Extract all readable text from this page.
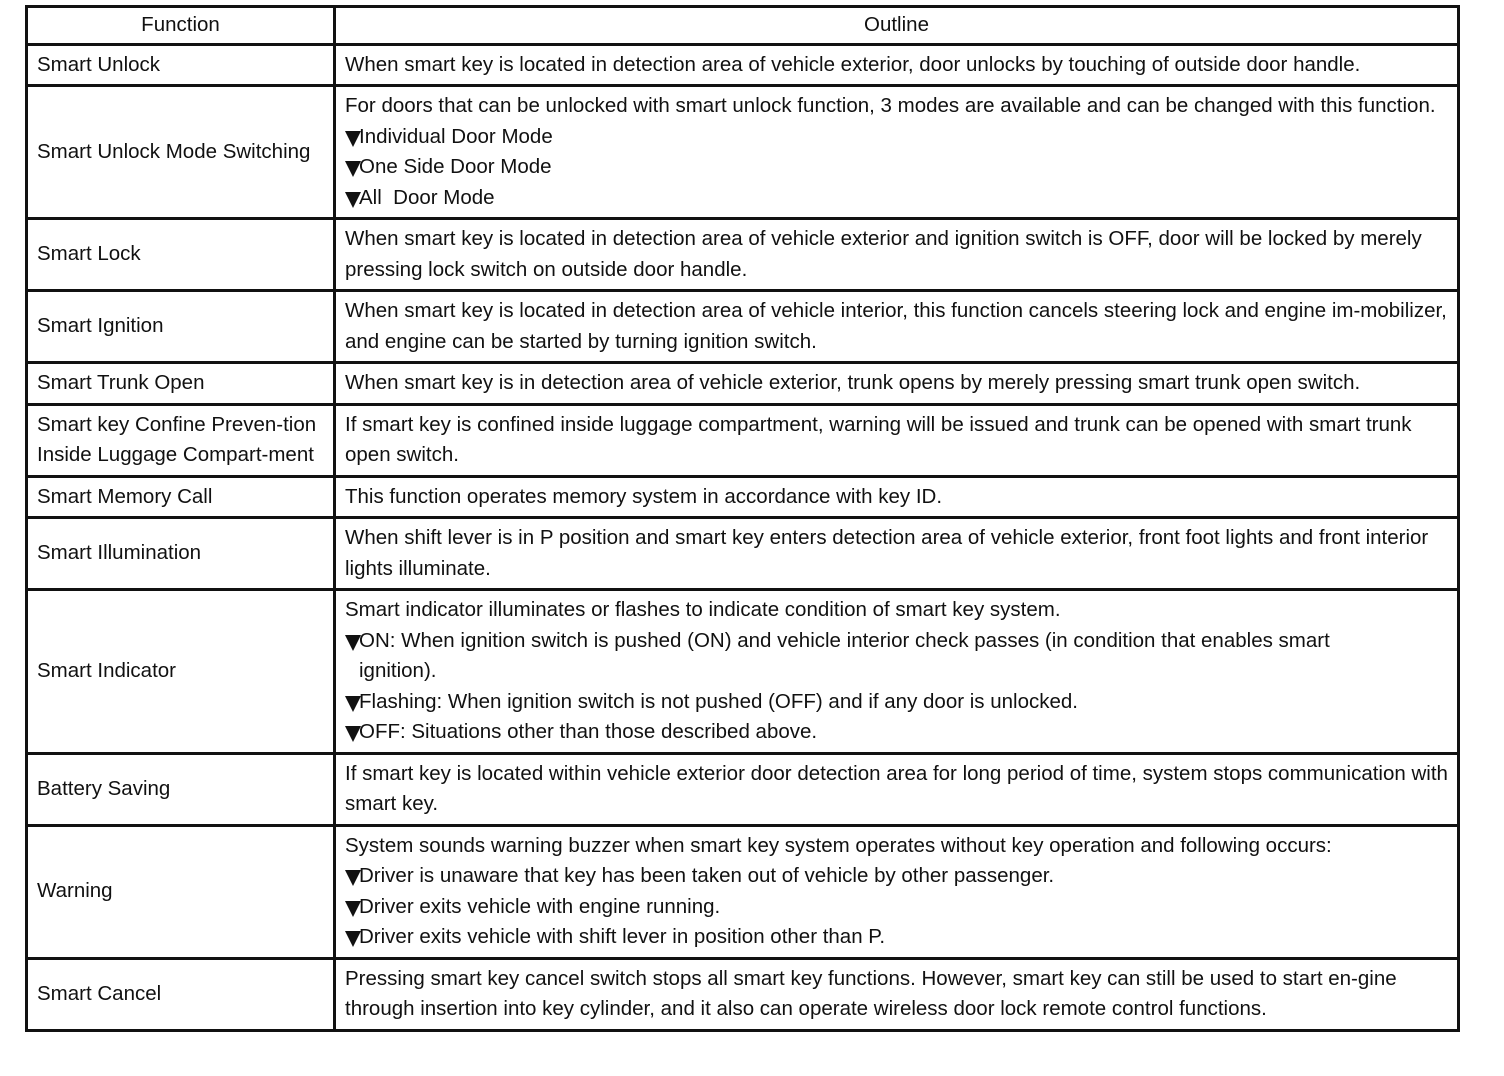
Function	Outline
Smart Unlock	When smart key is located in detection area of vehicle exterior, door unlocks by touching of outside door handle.

Smart Unlock Mode Switching	For doors that can be unlocked with smart unlock function, 3 modes are available and can be changed with this function.
Individual Door Mode
One Side Door Mode
All  Door Mode

Smart Lock	When smart key is located in detection area of vehicle exterior and ignition switch is OFF, door will be locked by merely pressing lock switch on outside door handle.

Smart Ignition	When smart key is located in detection area of vehicle interior, this function cancels steering lock and engine im-mobilizer, and engine can be started by turning ignition switch.

Smart Trunk Open	When smart key is in detection area of vehicle exterior, trunk opens by merely pressing smart trunk open switch.

Smart key Confine Preven-tion Inside Luggage Compart-ment	If smart key is confined inside luggage compartment, warning will be issued and trunk can be opened with smart trunk open switch.

Smart Memory Call	This function operates memory system in accordance with key ID.

Smart Illumination	When shift lever is in P position and smart key enters detection area of vehicle exterior, front foot lights and front interior lights illuminate.

Smart Indicator	Smart indicator illuminates or flashes to indicate condition of smart key system.
ON: When ignition switch is pushed (ON) and vehicle interior check passes (in condition that enables smart
ignition).
Flashing: When ignition switch is not pushed (OFF) and if any door is unlocked.
OFF: Situations other than those described above.

Battery Saving	If smart key is located within vehicle exterior door detection area for long period of time, system stops communication with smart key.

Warning	System sounds warning buzzer when smart key system operates without key operation and following occurs:
Driver is unaware that key has been taken out of vehicle by other passenger.
Driver exits vehicle with engine running.
Driver exits vehicle with shift lever in position other than P.

Smart Cancel	Pressing smart key cancel switch stops all smart key functions. However, smart key can still be used to start en-gine through insertion into key cylinder, and it also can operate wireless door lock remote control functions.
